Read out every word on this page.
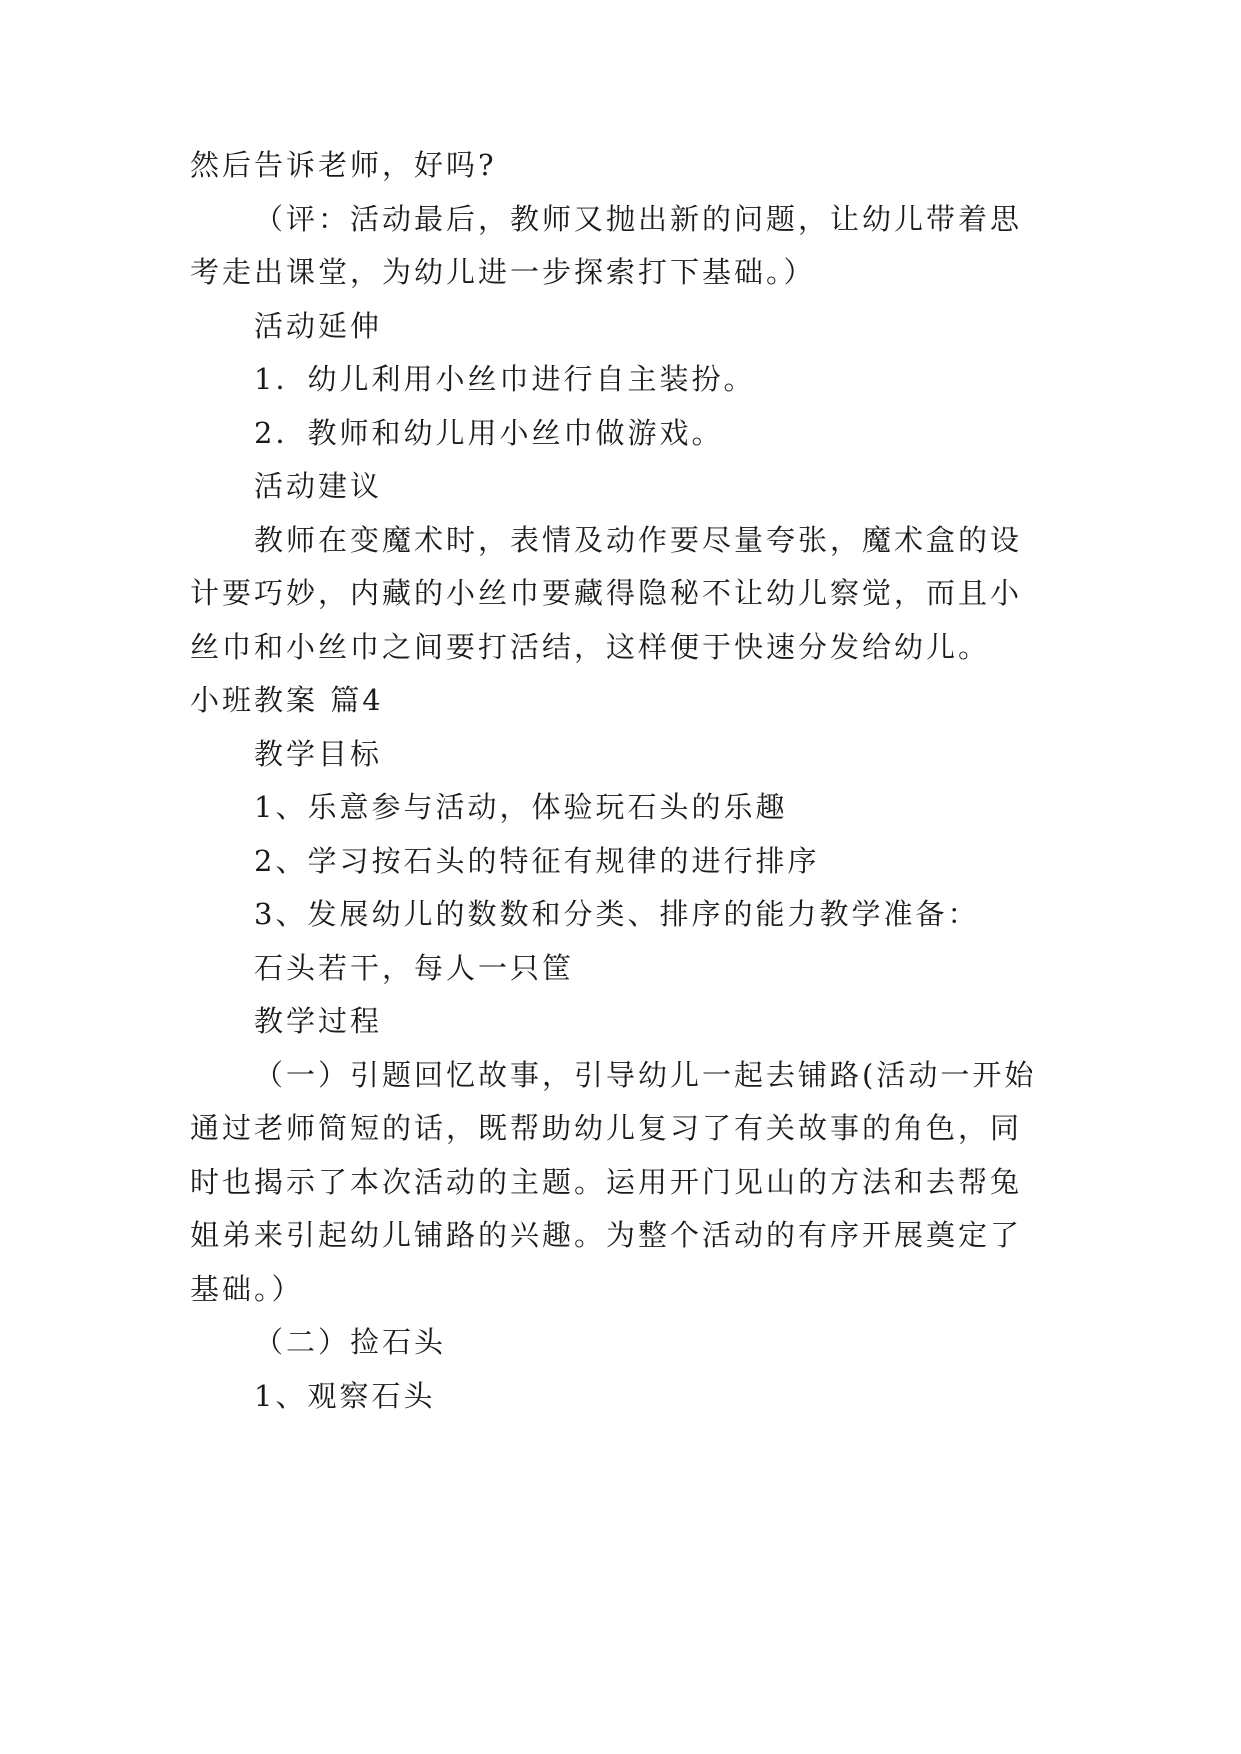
然后告诉老师，好吗?
（评：活动最后，教师又抛出新的问题，让幼儿带着思
考走出课堂，为幼儿进一步探索打下基础。）
活动延伸
1．幼儿利用小丝巾进行自主装扮。
2．教师和幼儿用小丝巾做游戏。
活动建议
教师在变魔术时，表情及动作要尽量夸张，魔术盒的设
计要巧妙，内藏的小丝巾要藏得隐秘不让幼儿察觉，而且小
丝巾和小丝巾之间要打活结，这样便于快速分发给幼儿。
小班教案 篇4
教学目标
1、乐意参与活动，体验玩石头的乐趣
2、学习按石头的特征有规律的进行排序
3、发展幼儿的数数和分类、排序的能力教学准备：
石头若干，每人一只筐
教学过程
（一）引题回忆故事，引导幼儿一起去铺路(活动一开始
通过老师简短的话，既帮助幼儿复习了有关故事的角色，同
时也揭示了本次活动的主题。运用开门见山的方法和去帮兔
姐弟来引起幼儿铺路的兴趣。为整个活动的有序开展奠定了
基础。）
（二）捡石头
1、观察石头
